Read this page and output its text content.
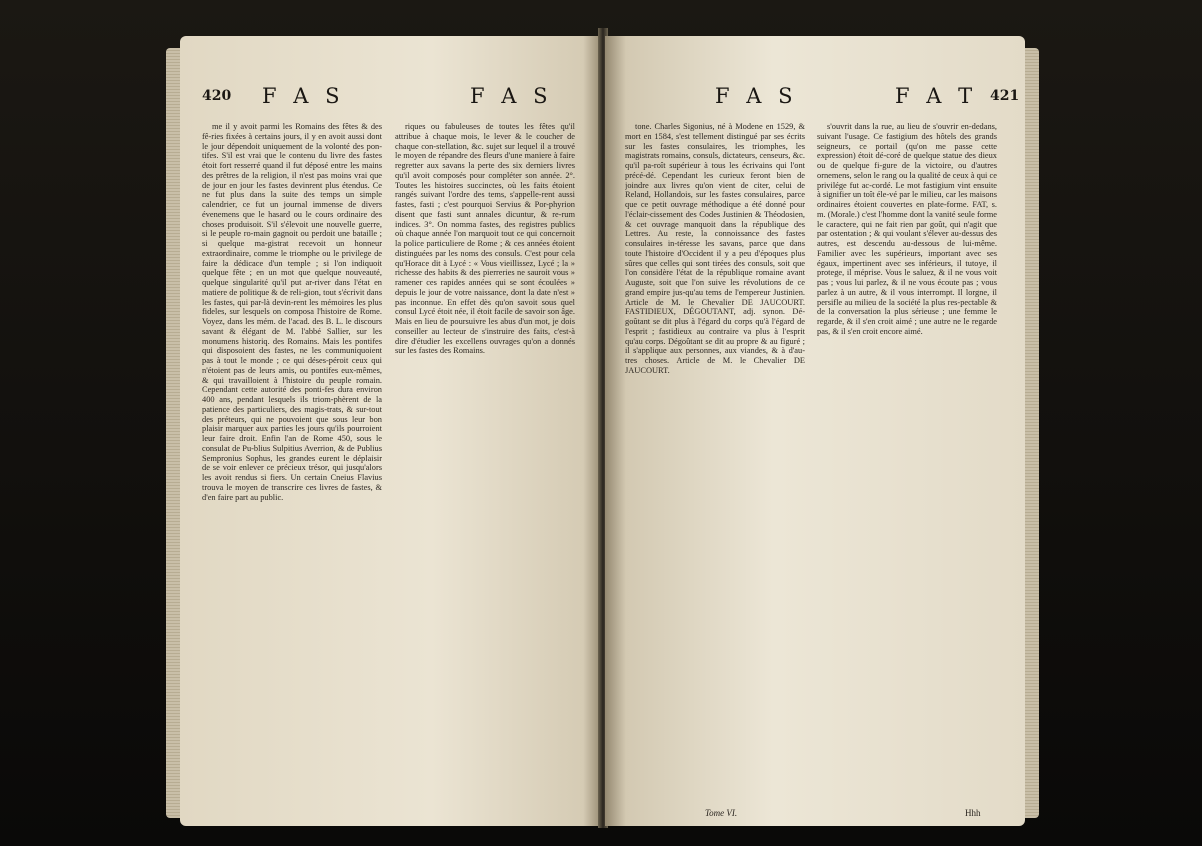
420 F A S	F A S

me il y avoit parmi les Romains des fêtes & des fê-ries fixées à certains jours, il y en avoit aussi dont le jour dépendoit uniquement de la volonté des pon-tifes. S'il est vrai que le contenu du livre des fastes étoit fort resserré quand il fut déposé entre les mains des prêtres de la religion, il n'est pas moins vrai que de jour en jour les fastes devinrent plus étendus. Ce ne fut plus dans la suite des temps un simple calendrier, ce fut un journal immense de divers évenemens que le hasard ou le cours ordinaire des choses produisoit. S'il s'élevoit une nouvelle guerre, si le peuple ro-main gagnoit ou perdoit une bataille ; si quelque ma-gistrat recevoit un honneur extraordinaire, comme le triomphe ou le privilege de faire la dédicace d'un temple ; si l'on indiquoit quelque fête ; en un mot que quelque nouveauté, quelque singularité qu'il put ar-river dans l'état en matiere de politique & de reli-gion, tout s'écrivit dans les fastes, qui par-là devin-rent les mémoires les plus fideles, sur lesquels on composa l'histoire de Rome. Voyez, dans les mém. de l'acad. des B. L. le discours savant & élégant de M. l'abbé Sallier, sur les monumens historiq. des Romains. Mais les pontifes qui disposoient des fastes, ne les communiquoient pas à tout le monde ; ce qui déses-péroit ceux qui n'étoient pas de leurs amis, ou pontifes eux-mêmes, & qui travailloient à l'histoire du peuple romain. Cependant cette autorité des ponti-fes dura environ 400 ans, pendant lesquels ils triom-phèrent de la patience des particuliers, des magis-trats, & sur-tout des préteurs, qui ne pouvoient que sous leur bon plaisir marquer aux parties les jours qu'ils pourroient leur faire droit. Enfin l'an de Rome 450, sous le consulat de Pu-blius Sulpitius Averrion, & de Publius Sempronius Sophus, les grandes eurent le déplaisir de se voir enlever ce précieux trésor, qui jusqu'alors les avoit rendus si fiers. Un certain Cneius Flavius trouva le moyen de transcrire ces livres de fastes, & d'en faire part au public.

riques ou fabuleuses de toutes les fêtes qu'il attribue à chaque mois, le lever & le coucher de chaque con-stellation, &c. sujet sur lequel il a trouvé le moyen de répandre des fleurs d'une maniere à faire regretter aux savans la perte des six derniers livres qu'il avoit composés pour compléter son année. 2°. Toutes les histoires succinctes, où les faits étoient rangés suivant l'ordre des tems, s'appelle-rent aussi fastes, fasti ; c'est pourquoi Servius & Por-phyrion disent que fasti sunt annales dicuntur, & re-rum indices. 3°. On nomma fastes, des registres publics où chaque année l'on marquoit tout ce qui concernoit la police particuliere de Rome ; & ces années étoient distinguées par les noms des consuls. C'est pour cela qu'Horace dit à Lycé : « Vous vieillissez, Lycé ; la » richesse des habits & des pierreries ne sauroit vous » ramener ces rapides années qui se sont écoulées » depuis le jour de votre naissance, dont la date n'est » pas inconnue. En effet dès qu'on savoit sous quel consul Lycé étoit née, il étoit facile de savoir son âge. Mais en lieu de poursuivre les abus d'un mot, je dois conseiller au lecteur de s'instruire des faits, c'est-à dire d'étudier les excellens ouvrages qu'on a donnés sur les fastes des Romains.

F A S	F A T 421

tone. Charles Sigonius, né à Modene en 1529, & mort en 1584, s'est tellement distingué par ses écrits sur les fastes consulaires, les triomphes, les magistrats romains, consuls, dictateurs, censeurs, &c. qu'il pa-roît supérieur à tous les écrivains qui l'ont précé-dé. Cependant les curieux feront bien de joindre aux livres qu'on vient de citer, celui de Reland, Hollandois, sur les fastes consulaires, parce que ce petit ouvrage méthodique a été donné pour l'éclair-cissement des Codes Justinien & Théodosien, & cet ouvrage manquoit dans la république des Lettres. Au reste, la connoissance des fastes consulaires in-téresse les savans, parce que dans toute l'histoire d'Occident il y a peu d'époques plus sûres que celles qui sont tirées des consuls, soit que l'on considère l'état de la république romaine avant Auguste, soit que l'on suive les révolutions de ce grand empire jus-qu'au tems de l'empereur Justinien. Article de M. le Chevalier DE JAUCOURT. FASTIDIEUX, DÉGOUTANT, adj. synon. Dé-goûtant se dit plus à l'égard du corps qu'à l'égard de l'esprit ; fastidieux au contraire va plus à l'esprit qu'au corps. Dégoûtant se dit au propre & au figuré ; il s'applique aux personnes, aux viandes, & à d'au-tres choses. Article de M. le Chevalier DE JAUCOURT.

s'ouvrit dans la rue, au lieu de s'ouvrir en-dedans, suivant l'usage. Ce fastigium des hôtels des grands seigneurs, ce portail (qu'on me passe cette expression) étoit dé-coré de quelque statue des dieux ou de quelque fi-gure de la victoire, ou d'autres ornemens, selon le rang ou la qualité de ceux à qui ce privilége fut ac-cordé. Le mot fastigium vint ensuite à signifier un toît éle-vé par le milieu, car les maisons ordinaires étoient couvertes en plate-forme. FAT, s. m. (Morale.) c'est l'homme dont la vanité seule forme le caractere, qui ne fait rien par goût, qui n'agit que par ostentation ; & qui voulant s'élever au-dessus des autres, est descendu au-dessous de lui-même. Familier avec les supérieurs, important avec ses égaux, impertinent avec ses inférieurs, il tutoye, il protege, il méprise. Vous le saluez, & il ne vous voit pas ; vous lui parlez, & il ne vous écoute pas ; vous parlez à un autre, & il vous interrompt. Il lorgne, il persifle au milieu de la société la plus res-pectable & de la conversation la plus sérieuse ; une femme le regarde, & il s'en croit aimé ; une autre ne le regarde pas, & il s'en croit encore aimé.

Tome VI.	Hhh
